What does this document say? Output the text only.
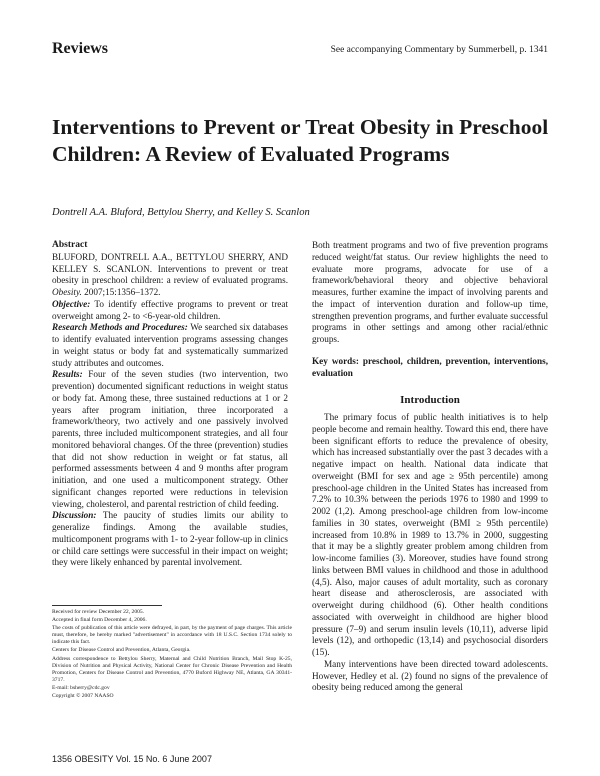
Reviews	See accompanying Commentary by Summerbell, p. 1341
Interventions to Prevent or Treat Obesity in Preschool Children: A Review of Evaluated Programs
Dontrell A.A. Bluford, Bettylou Sherry, and Kelley S. Scanlon

Abstract

BLUFORD, DONTRELL A.A., BETTYLOU SHERRY, AND KELLEY S. SCANLON. Interventions to prevent or treat obesity in preschool children: a review of evaluated programs. Obesity. 2007;15:1356–1372.

Objective: To identify effective programs to prevent or treat overweight among 2- to <6-year-old children.

Research Methods and Procedures: We searched six databases to identify evaluated intervention programs assessing changes in weight status or body fat and systematically summarized study attributes and outcomes.

Results: Four of the seven studies (two intervention, two prevention) documented significant reductions in weight status or body fat. Among these, three sustained reductions at 1 or 2 years after program initiation, three incorporated a framework/theory, two actively and one passively involved parents, three included multicomponent strategies, and all four monitored behavioral changes. Of the three (prevention) studies that did not show reduction in weight or fat status, all performed assessments between 4 and 9 months after program initiation, and one used a multicomponent strategy. Other significant changes reported were reductions in television viewing, cholesterol, and parental restriction of child feeding.

Discussion: The paucity of studies limits our ability to generalize findings. Among the available studies, multicomponent programs with 1- to 2-year follow-up in clinics or child care settings were successful in their impact on weight; they were likely enhanced by parental involvement.

Both treatment programs and two of five prevention programs reduced weight/fat status. Our review highlights the need to evaluate more programs, advocate for use of a framework/behavioral theory and objective behavioral measures, further examine the impact of involving parents and the impact of intervention duration and follow-up time, strengthen prevention programs, and further evaluate successful programs in other settings and among other racial/ethnic groups.

Key words: preschool, children, prevention, interventions, evaluation

Introduction

The primary focus of public health initiatives is to help people become and remain healthy. Toward this end, there have been significant efforts to reduce the prevalence of obesity, which has increased substantially over the past 3 decades with a negative impact on health. National data indicate that overweight (BMI for sex and age ≥ 95th percentile) among preschool-age children in the United States has increased from 7.2% to 10.3% between the periods 1976 to 1980 and 1999 to 2002 (1,2). Among preschool-age children from low-income families in 30 states, overweight (BMI ≥ 95th percentile) increased from 10.8% in 1989 to 13.7% in 2000, suggesting that it may be a slightly greater problem among children from low-income families (3). Moreover, studies have found strong links between BMI values in childhood and those in adulthood (4,5). Also, major causes of adult mortality, such as coronary heart disease and atherosclerosis, are associated with overweight during childhood (6). Other health conditions associated with overweight in childhood are higher blood pressure (7–9) and serum insulin levels (10,11), adverse lipid levels (12), and orthopedic (13,14) and psychosocial disorders (15).

Many interventions have been directed toward adolescents. However, Hedley et al. (2) found no signs of the prevalence of obesity being reduced among the general

Received for review December 22, 2005.

Accepted in final form December 4, 2006.

The costs of publication of this article were defrayed, in part, by the payment of page charges. This article must, therefore, be hereby marked "advertisement" in accordance with 18 U.S.C. Section 1734 solely to indicate this fact.

Centers for Disease Control and Prevention, Atlanta, Georgia.

Address correspondence to Bettylou Sherry, Maternal and Child Nutrition Branch, Mail Stop K-25, Division of Nutrition and Physical Activity, National Center for Chronic Disease Prevention and Health Promotion, Centers for Disease Control and Prevention, 4770 Buford Highway NE, Atlanta, GA 30341-3717.

E-mail: bsherry@cdc.gov

Copyright © 2007 NAASO

1356 OBESITY Vol. 15 No. 6 June 2007
